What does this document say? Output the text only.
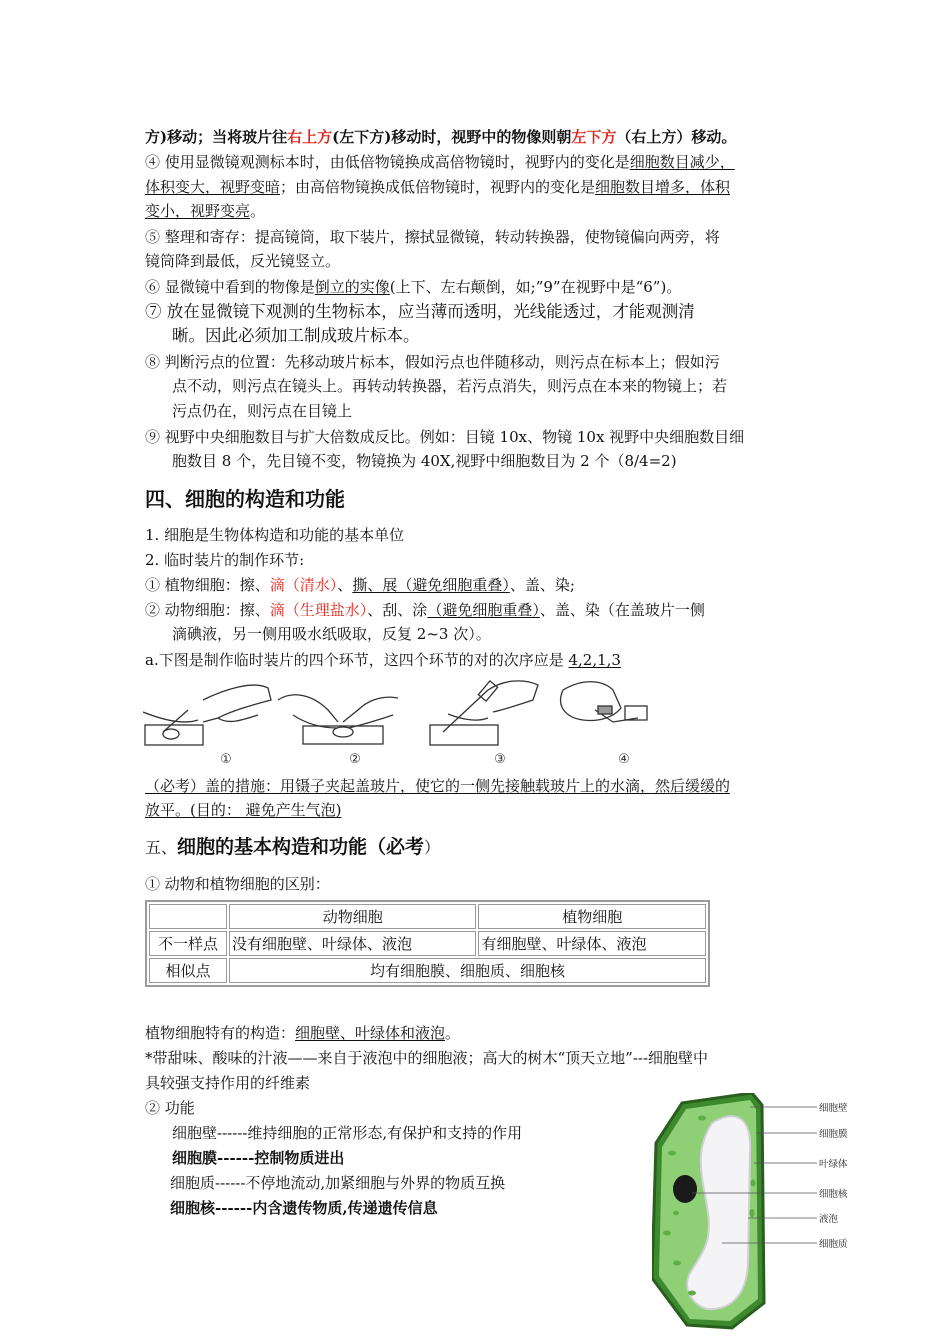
方)移动；当将玻片往右上方(左下方)移动时，视野中的物像则朝左下方（右上方）移动。
④ 使用显微镜观测标本时，由低倍物镜换成高倍物镜时，视野内的变化是细胞数目减少，
体积变大，视野变暗；由高倍物镜换成低倍物镜时，视野内的变化是细胞数目增多，体积
变小，视野变亮。
⑤ 整理和寄存：提高镜筒，取下装片，擦拭显微镜，转动转换器，使物镜偏向两旁，将
镜筒降到最低，反光镜竖立。
⑥ 显微镜中看到的物像是倒立的实像(上下、左右颠倒，如;”9”在视野中是“6”)。
⑦ 放在显微镜下观测的生物标本，应当薄而透明，光线能透过，才能观测清
晰。因此必须加工制成玻片标本。
⑧ 判断污点的位置：先移动玻片标本，假如污点也伴随移动，则污点在标本上；假如污
点不动，则污点在镜头上。再转动转换器，若污点消失，则污点在本来的物镜上；若
污点仍在，则污点在目镜上
⑨ 视野中央细胞数目与扩大倍数成反比。例如：目镜 10x、物镜 10x 视野中央细胞数目细
胞数目 8 个，先目镜不变，物镜换为 40X,视野中细胞数目为 2 个（8/4=2)
四、细胞的构造和功能
1. 细胞是生物体构造和功能的基本单位
2. 临时装片的制作环节:
① 植物细胞：擦、滴（清水）、撕、展（避免细胞重叠）、盖、染;
② 动物细胞：擦、滴（生理盐水）、刮、涂（避免细胞重叠）、盖、染（在盖玻片一侧
滴碘液，另一侧用吸水纸吸取，反复 2~3 次）。
a.下图是制作临时装片的四个环节，这四个环节的对的次序应是 4,2,1,3
①	②	③	④
（必考）盖的措施：用镊子夹起盖玻片，使它的一侧先接触载玻片上的水滴，然后缓缓的
放平。(目的： 避免产生气泡)
五、细胞的基本构造和功能（必考）
① 动物和植物细胞的区别：
	动物细胞	植物细胞
不一样点	没有细胞壁、叶绿体、液泡	有细胞壁、叶绿体、液泡
相似点	均有细胞膜、细胞质、细胞核	
植物细胞特有的构造：细胞壁、叶绿体和液泡。
*带甜味、酸味的汁液——来自于液泡中的细胞液；高大的树木“顶天立地”---细胞壁中
具较强支持作用的纤维素
② 功能
细胞壁------维持细胞的正常形态,有保护和支持的作用
细胞膜------控制物质进出
细胞质------不停地流动,加紧细胞与外界的物质互换
细胞核------内含遗传物质,传递遗传信息
细胞壁
细胞膜
叶绿体
细胞核
液泡
细胞质
